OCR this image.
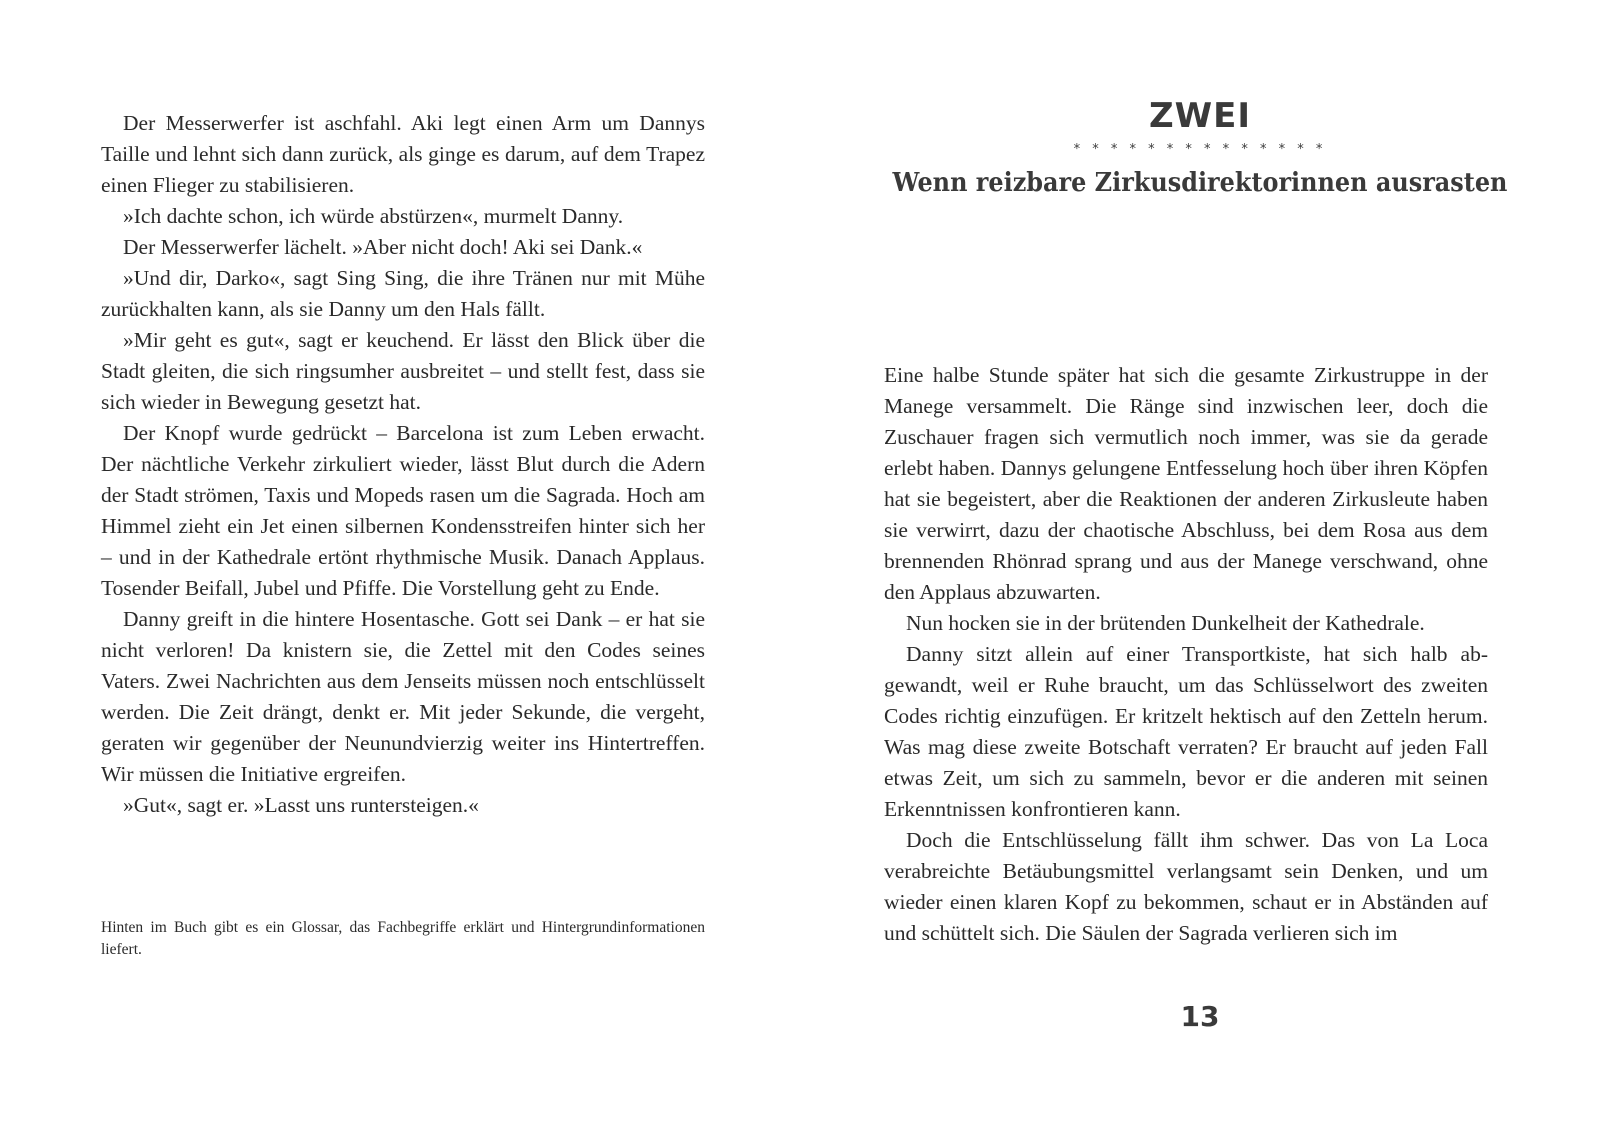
Der Messerwerfer ist aschfahl. Aki legt einen Arm um Dannys Taille und lehnt sich dann zurück, als ginge es darum, auf dem Trapez einen Flieger zu stabilisieren.

»Ich dachte schon, ich würde abstürzen«, murmelt Danny.

Der Messerwerfer lächelt. »Aber nicht doch! Aki sei Dank.«

»Und dir, Darko«, sagt Sing Sing, die ihre Tränen nur mit Mühe zurückhalten kann, als sie Danny um den Hals fällt.

»Mir geht es gut«, sagt er keuchend. Er lässt den Blick über die Stadt gleiten, die sich ringsumher ausbreitet – und stellt fest, dass sie sich wieder in Bewegung gesetzt hat.

Der Knopf wurde gedrückt – Barcelona ist zum Leben erwacht. Der nächtliche Verkehr zirkuliert wieder, lässt Blut durch die Adern der Stadt strömen, Taxis und Mopeds rasen um die Sagrada. Hoch am Himmel zieht ein Jet einen silbernen Kondensstreifen hinter sich her – und in der Kathedrale ertönt rhythmische Musik. Danach Applaus. Tosender Beifall, Jubel und Pfiffe. Die Vorstellung geht zu Ende.

Danny greift in die hintere Hosentasche. Gott sei Dank – er hat sie nicht verloren! Da knistern sie, die Zettel mit den Codes seines Vaters. Zwei Nachrichten aus dem Jenseits müssen noch entschlüsselt werden. Die Zeit drängt, denkt er. Mit jeder Sekunde, die vergeht, geraten wir gegenüber der Neunundvierzig weiter ins Hintertreffen. Wir müssen die Initiative ergreifen.

»Gut«, sagt er. »Lasst uns runtersteigen.«

Hinten im Buch gibt es ein Glossar, das Fachbegriffe erklärt und Hintergrundinformationen liefert.

ZWEI
* * * * * * * * * * * * * *
Wenn reizbare Zirkusdirektorinnen ausrasten

Eine halbe Stunde später hat sich die gesamte Zirkustruppe in der Manege versammelt. Die Ränge sind inzwischen leer, doch die Zuschauer fragen sich vermutlich noch immer, was sie da gerade erlebt haben. Dannys gelungene Entfesselung hoch über ihren Köpfen hat sie begeistert, aber die Reaktionen der anderen Zirkusleute haben sie verwirrt, dazu der chaotische Abschluss, bei dem Rosa aus dem brennenden Rhönrad sprang und aus der Manege verschwand, ohne den Applaus abzuwarten.

Nun hocken sie in der brütenden Dunkelheit der Kathedrale.

Danny sitzt allein auf einer Transportkiste, hat sich halb abgewandt, weil er Ruhe braucht, um das Schlüsselwort des zweiten Codes richtig einzufügen. Er kritzelt hektisch auf den Zetteln herum. Was mag diese zweite Botschaft verraten? Er braucht auf jeden Fall etwas Zeit, um sich zu sammeln, bevor er die anderen mit seinen Erkenntnissen konfrontieren kann.

Doch die Entschlüsselung fällt ihm schwer. Das von La Loca verabreichte Betäubungsmittel verlangsamt sein Denken, und um wieder einen klaren Kopf zu bekommen, schaut er in Abständen auf und schüttelt sich. Die Säulen der Sagrada verlieren sich im

13
